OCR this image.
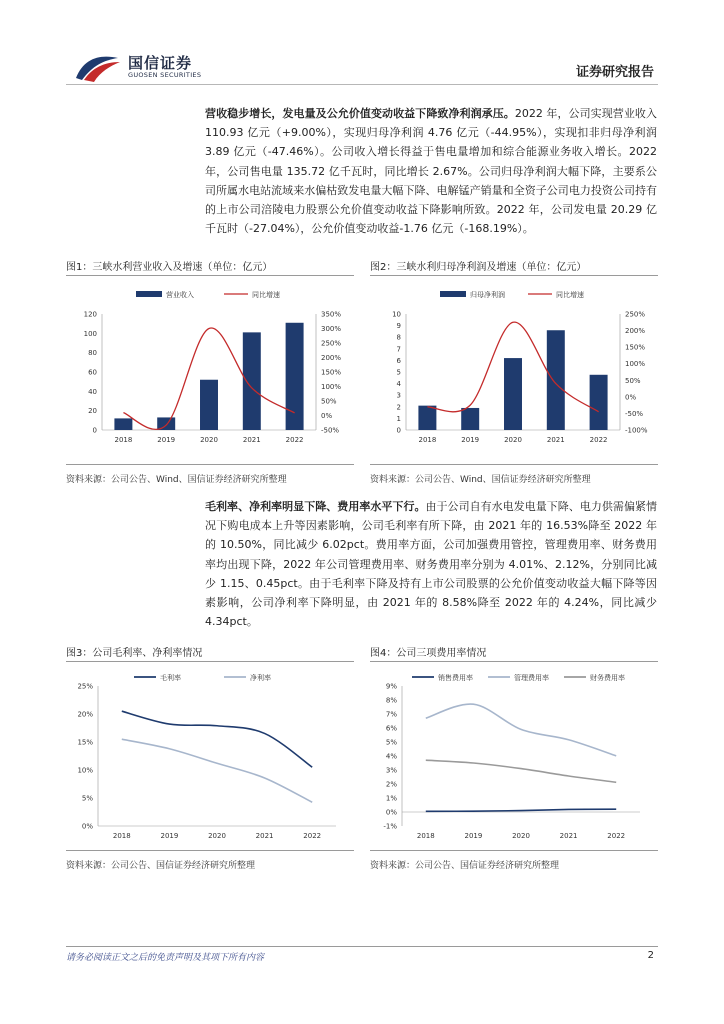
国信证券
GUOSEN SECURITIES	证券研究报告
营收稳步增长，发电量及公允价值变动收益下降致净利润承压。2022 年，公司实现营业收入 110.93 亿元（+9.00%），实现归母净利润 4.76 亿元（-44.95%），实现扣非归母净利润 3.89 亿元（-47.46%）。公司收入增长得益于售电量增加和综合能源业务收入增长。2022 年，公司售电量 135.72 亿千瓦时，同比增长 2.67%。公司归母净利润大幅下降，主要系公司所属水电站流域来水偏枯致发电量大幅下降、电解锰产销量和全资子公司电力投资公司持有的上市公司涪陵电力股票公允价值变动收益下降影响所致。2022 年，公司发电量 20.29 亿千瓦时（-27.04%），公允价值变动收益-1.76 亿元（-168.19%）。
图1：三峡水利营业收入及增速（单位：亿元）
营业收入	同比增速
0
20
40
60
80
100
120
-50%
0%
50%
100%
150%
200%
250%
300%
350%
2018	2019	2020	2021	2022
资料来源：公司公告、Wind、国信证券经济研究所整理
图2：三峡水利归母净利润及增速（单位：亿元）
归母净利润	同比增速
0
1
2
3
4
5
6
7
8
9
10
-100%
-50%
0%
50%
100%
150%
200%
250%
2018	2019	2020	2021	2022
资料来源：公司公告、Wind、国信证券经济研究所整理
毛利率、净利率明显下降、费用率水平下行。由于公司自有水电发电量下降、电力供需偏紧情况下购电成本上升等因素影响，公司毛利率有所下降，由 2021 年的 16.53%降至 2022 年的 10.50%，同比减少 6.02pct。费用率方面，公司加强费用管控，管理费用率、财务费用率均出现下降，2022 年公司管理费用率、财务费用率分别为 4.01%、2.12%，分别同比减少 1.15、0.45pct。由于毛利率下降及持有上市公司股票的公允价值变动收益大幅下降等因素影响，公司净利率下降明显，由 2021 年的 8.58%降至 2022 年的 4.24%，同比减少 4.34pct。
图3：公司毛利率、净利率情况
毛利率	净利率
0%
5%
10%
15%
20%
25%
2018	2019	2020	2021	2022
资料来源：公司公告、国信证券经济研究所整理
图4：公司三项费用率情况
销售费用率	管理费用率	财务费用率
-1%
0%
1%
2%
3%
4%
5%
6%
7%
8%
9%
2018	2019	2020	2021	2022
资料来源：公司公告、国信证券经济研究所整理
请务必阅读正文之后的免责声明及其项下所有内容	2
